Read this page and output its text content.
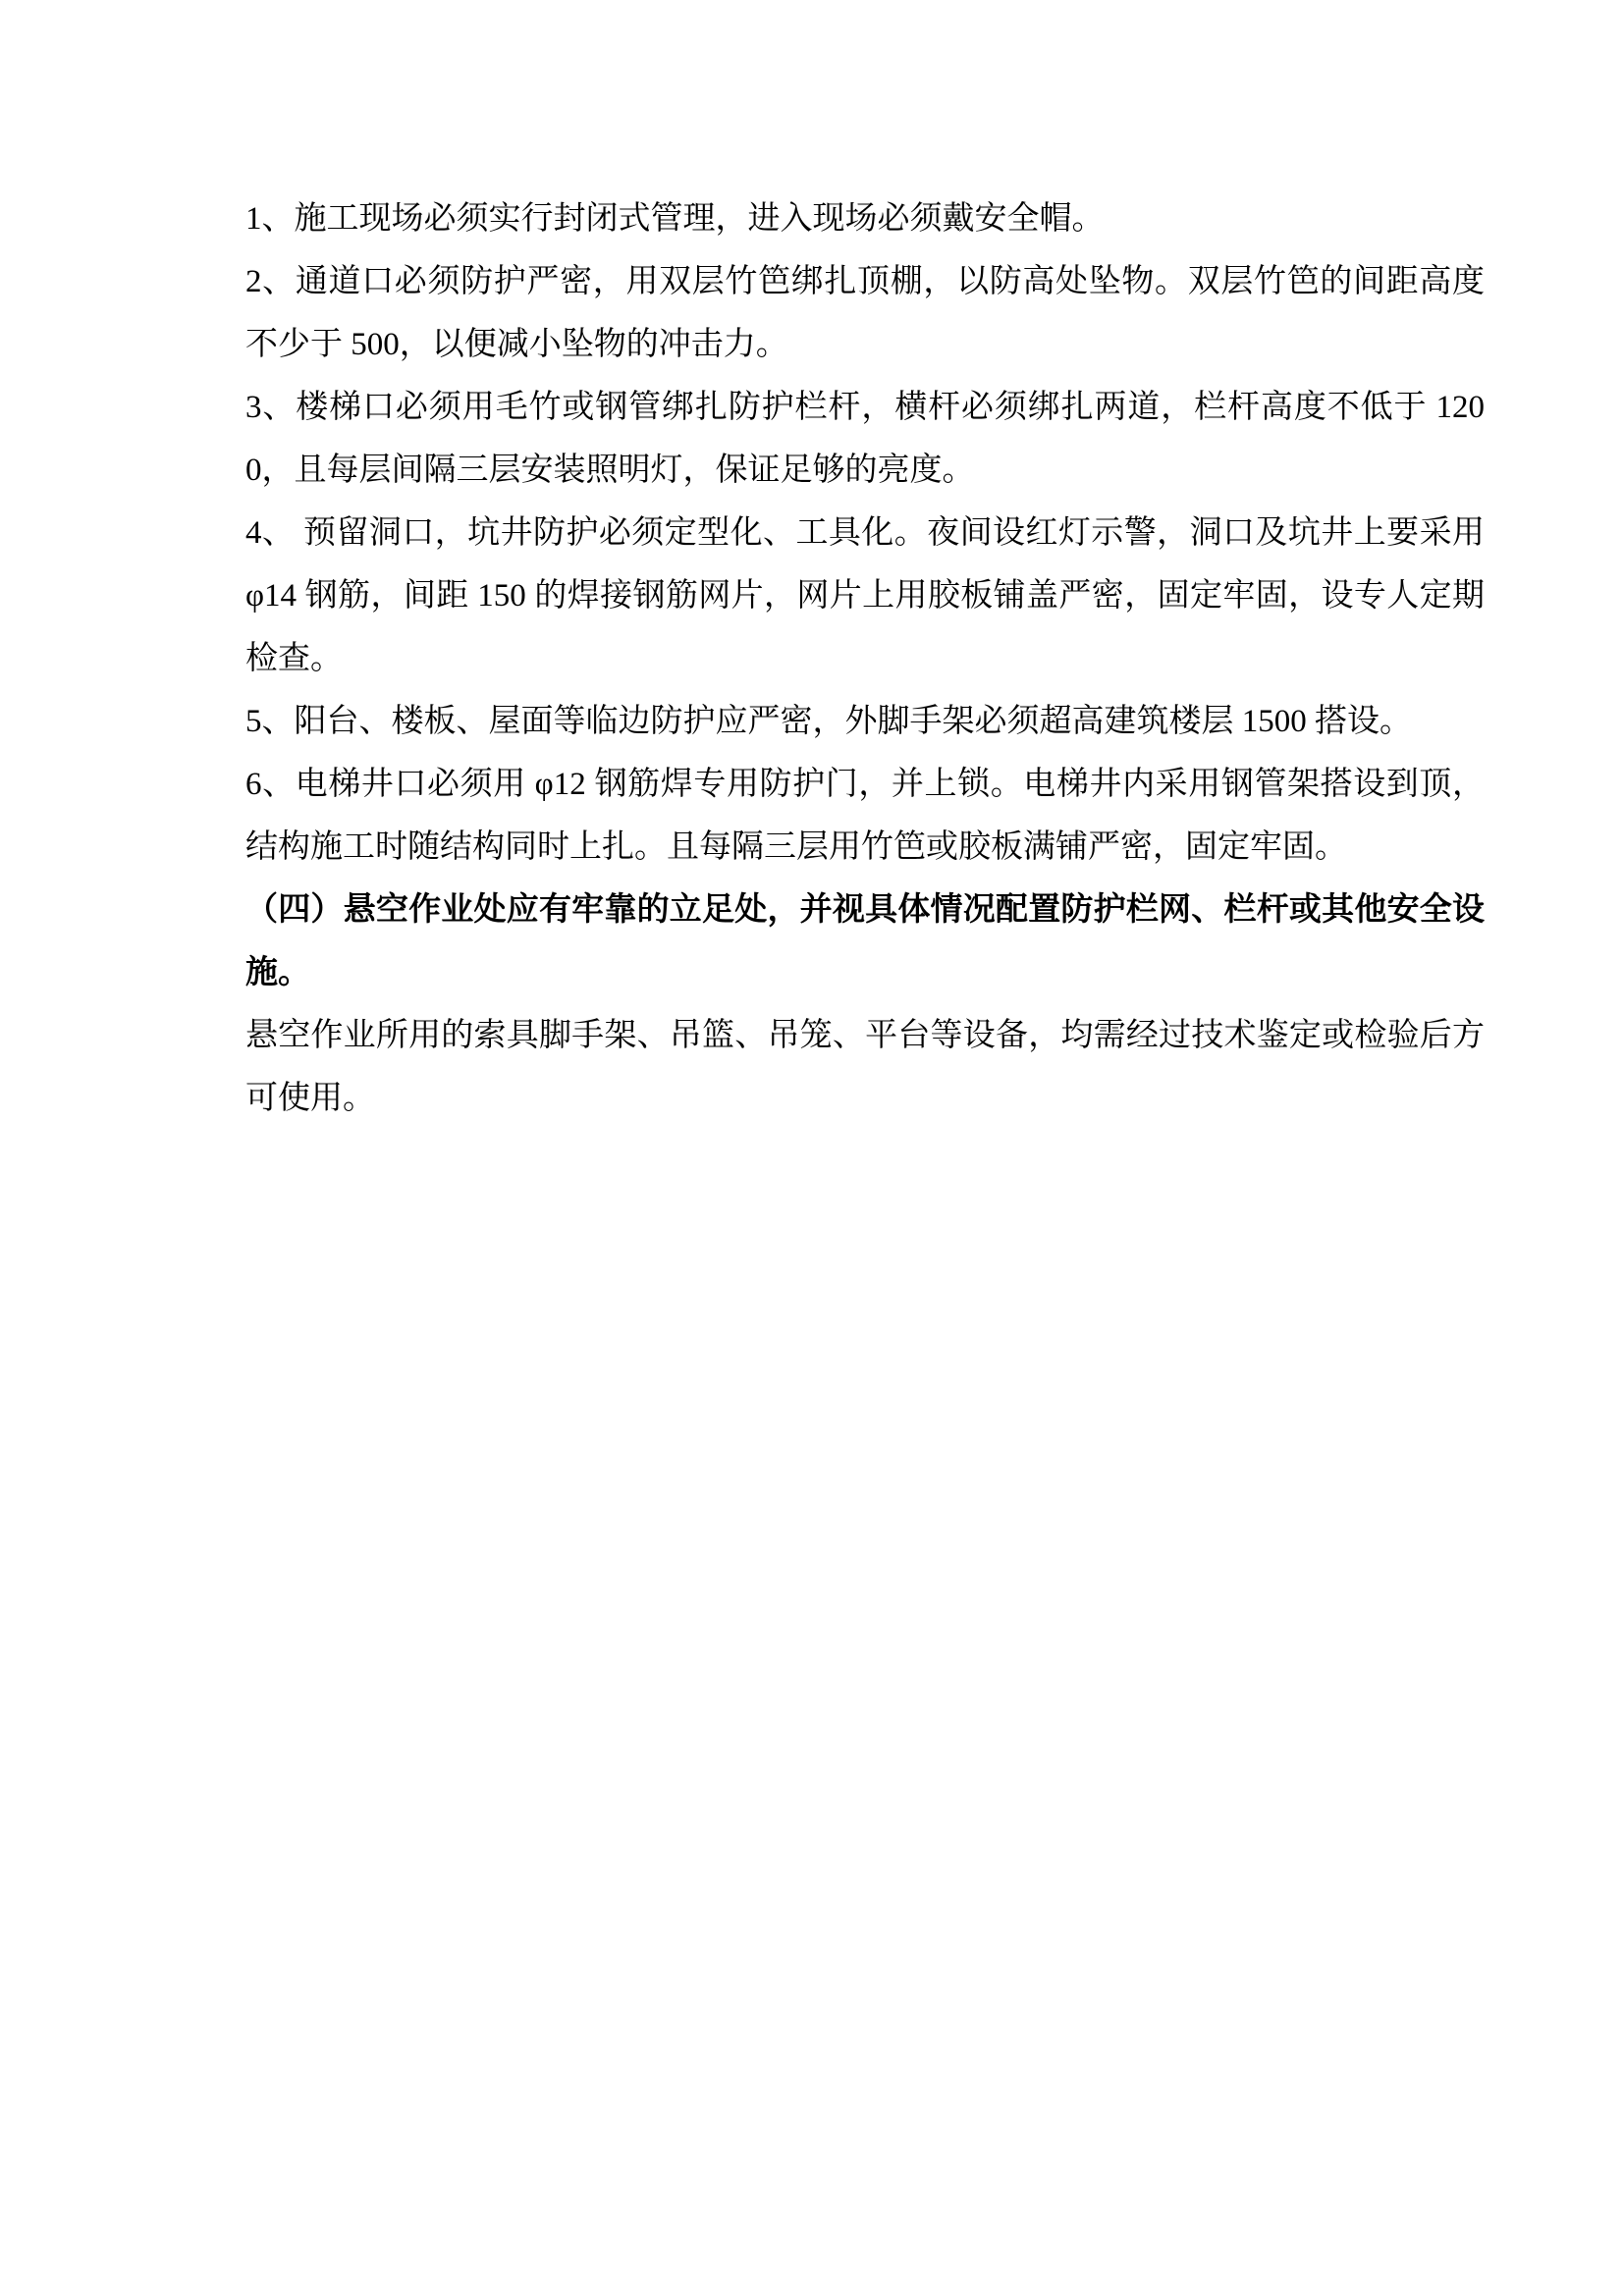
1、施工现场必须实行封闭式管理，进入现场必须戴安全帽。

2、通道口必须防护严密，用双层竹笆绑扎顶棚，以防高处坠物。双层竹笆的间距高度不少于 500，以便减小坠物的冲击力。

3、楼梯口必须用毛竹或钢管绑扎防护栏杆，横杆必须绑扎两道，栏杆高度不低于 1200，且每层间隔三层安装照明灯，保证足够的亮度。

4、 预留洞口，坑井防护必须定型化、工具化。夜间设红灯示警，洞口及坑井上要采用 φ14 钢筋，间距 150 的焊接钢筋网片，网片上用胶板铺盖严密，固定牢固，设专人定期检查。

5、阳台、楼板、屋面等临边防护应严密，外脚手架必须超高建筑楼层 1500 搭设。

6、电梯井口必须用 φ12 钢筋焊专用防护门，并上锁。电梯井内采用钢管架搭设到顶，结构施工时随结构同时上扎。且每隔三层用竹笆或胶板满铺严密，固定牢固。

（四）悬空作业处应有牢靠的立足处，并视具体情况配置防护栏网、栏杆或其他安全设施。

悬空作业所用的索具脚手架、吊篮、吊笼、平台等设备，均需经过技术鉴定或检验后方可使用。
